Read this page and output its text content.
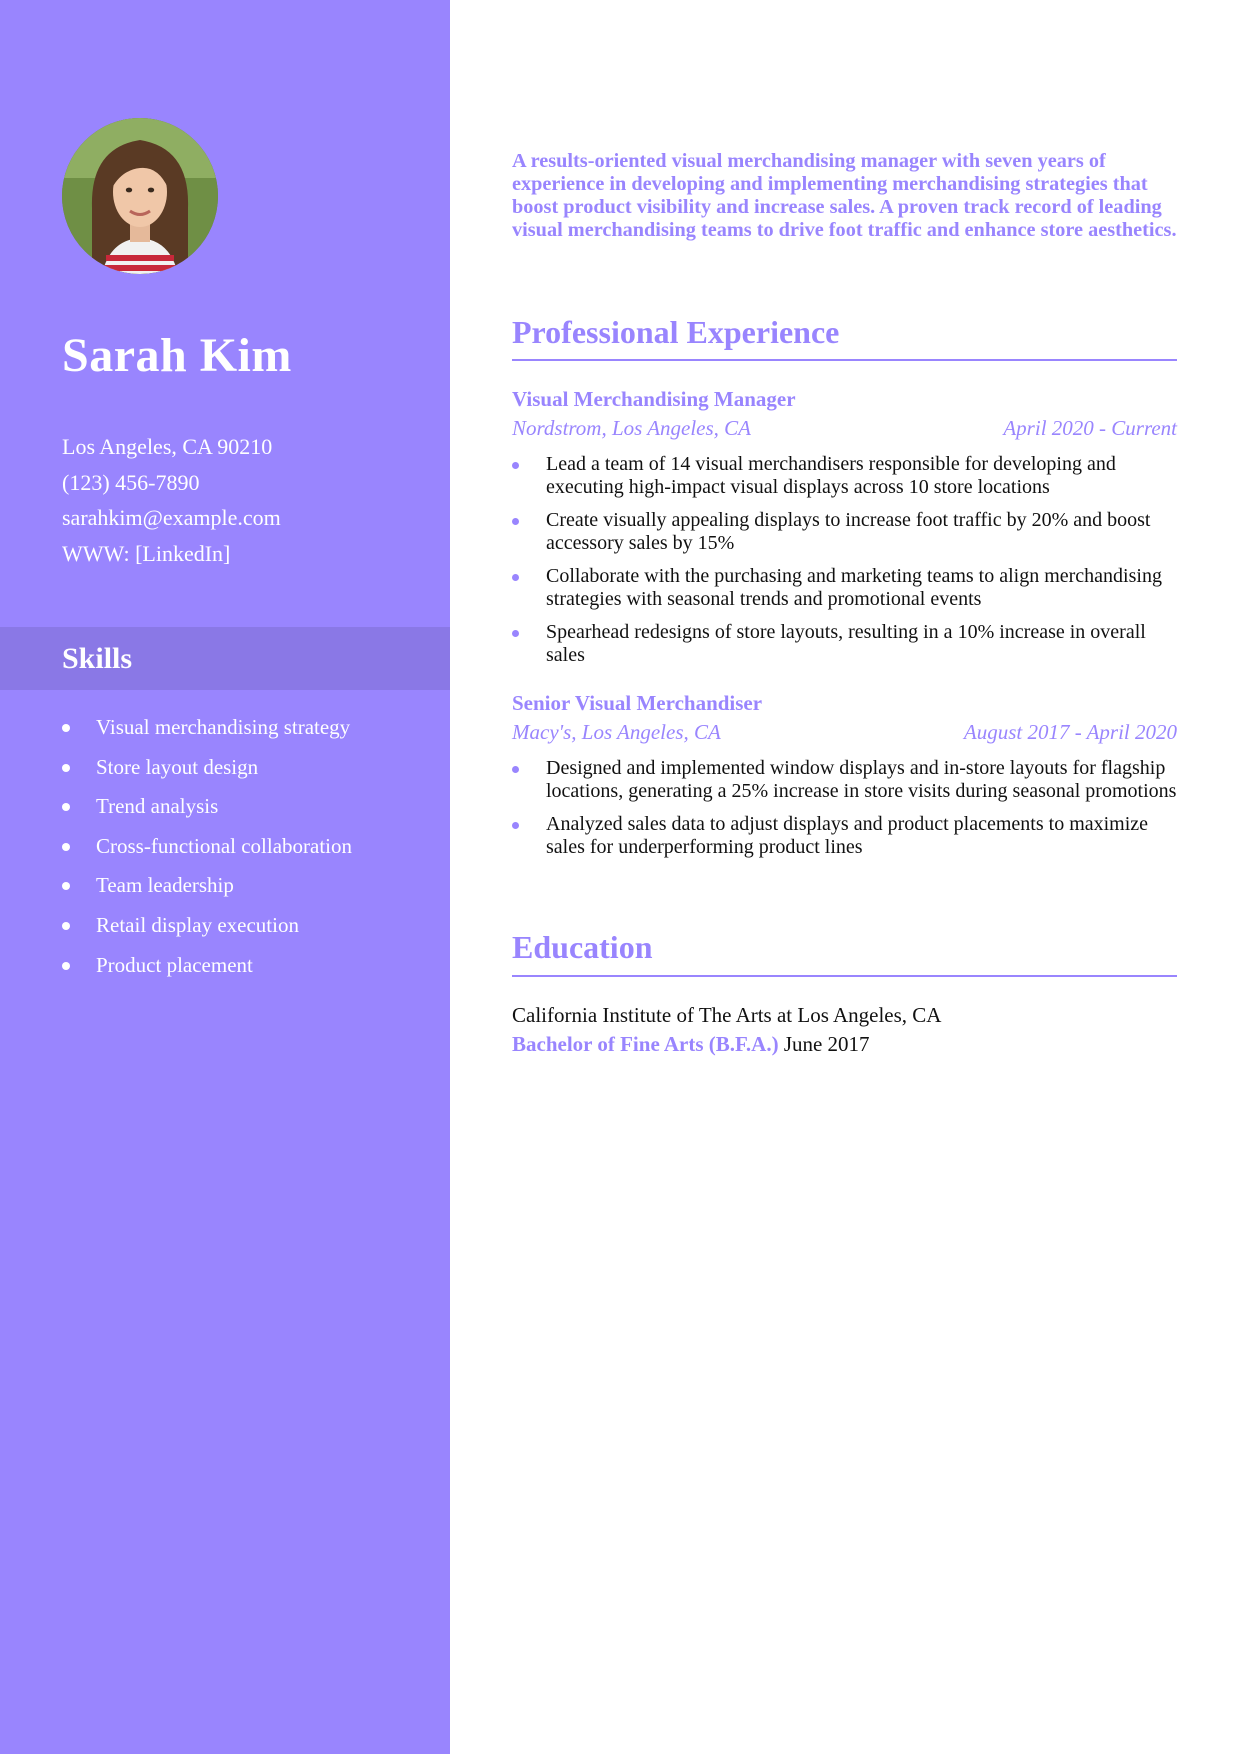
Sarah Kim
Los Angeles, CA 90210
(123) 456-7890
sarahkim@example.com
WWW: [LinkedIn]
Skills
Visual merchandising strategy
Store layout design
Trend analysis
Cross-functional collaboration
Team leadership
Retail display execution
Product placement
A results-oriented visual merchandising manager with seven years of experience in developing and implementing merchandising strategies that boost product visibility and increase sales. A proven track record of leading visual merchandising teams to drive foot traffic and enhance store aesthetics.
Professional Experience
Visual Merchandising Manager
Nordstrom, Los Angeles, CA	April 2020 - Current
Lead a team of 14 visual merchandisers responsible for developing and executing high-impact visual displays across 10 store locations
Create visually appealing displays to increase foot traffic by 20% and boost accessory sales by 15%
Collaborate with the purchasing and marketing teams to align merchandising strategies with seasonal trends and promotional events
Spearhead redesigns of store layouts, resulting in a 10% increase in overall sales
Senior Visual Merchandiser
Macy's, Los Angeles, CA	August 2017 - April 2020
Designed and implemented window displays and in-store layouts for flagship locations, generating a 25% increase in store visits during seasonal promotions
Analyzed sales data to adjust displays and product placements to maximize sales for underperforming product lines
Education
California Institute of The Arts at Los Angeles, CA
Bachelor of Fine Arts (B.F.A.) June 2017
